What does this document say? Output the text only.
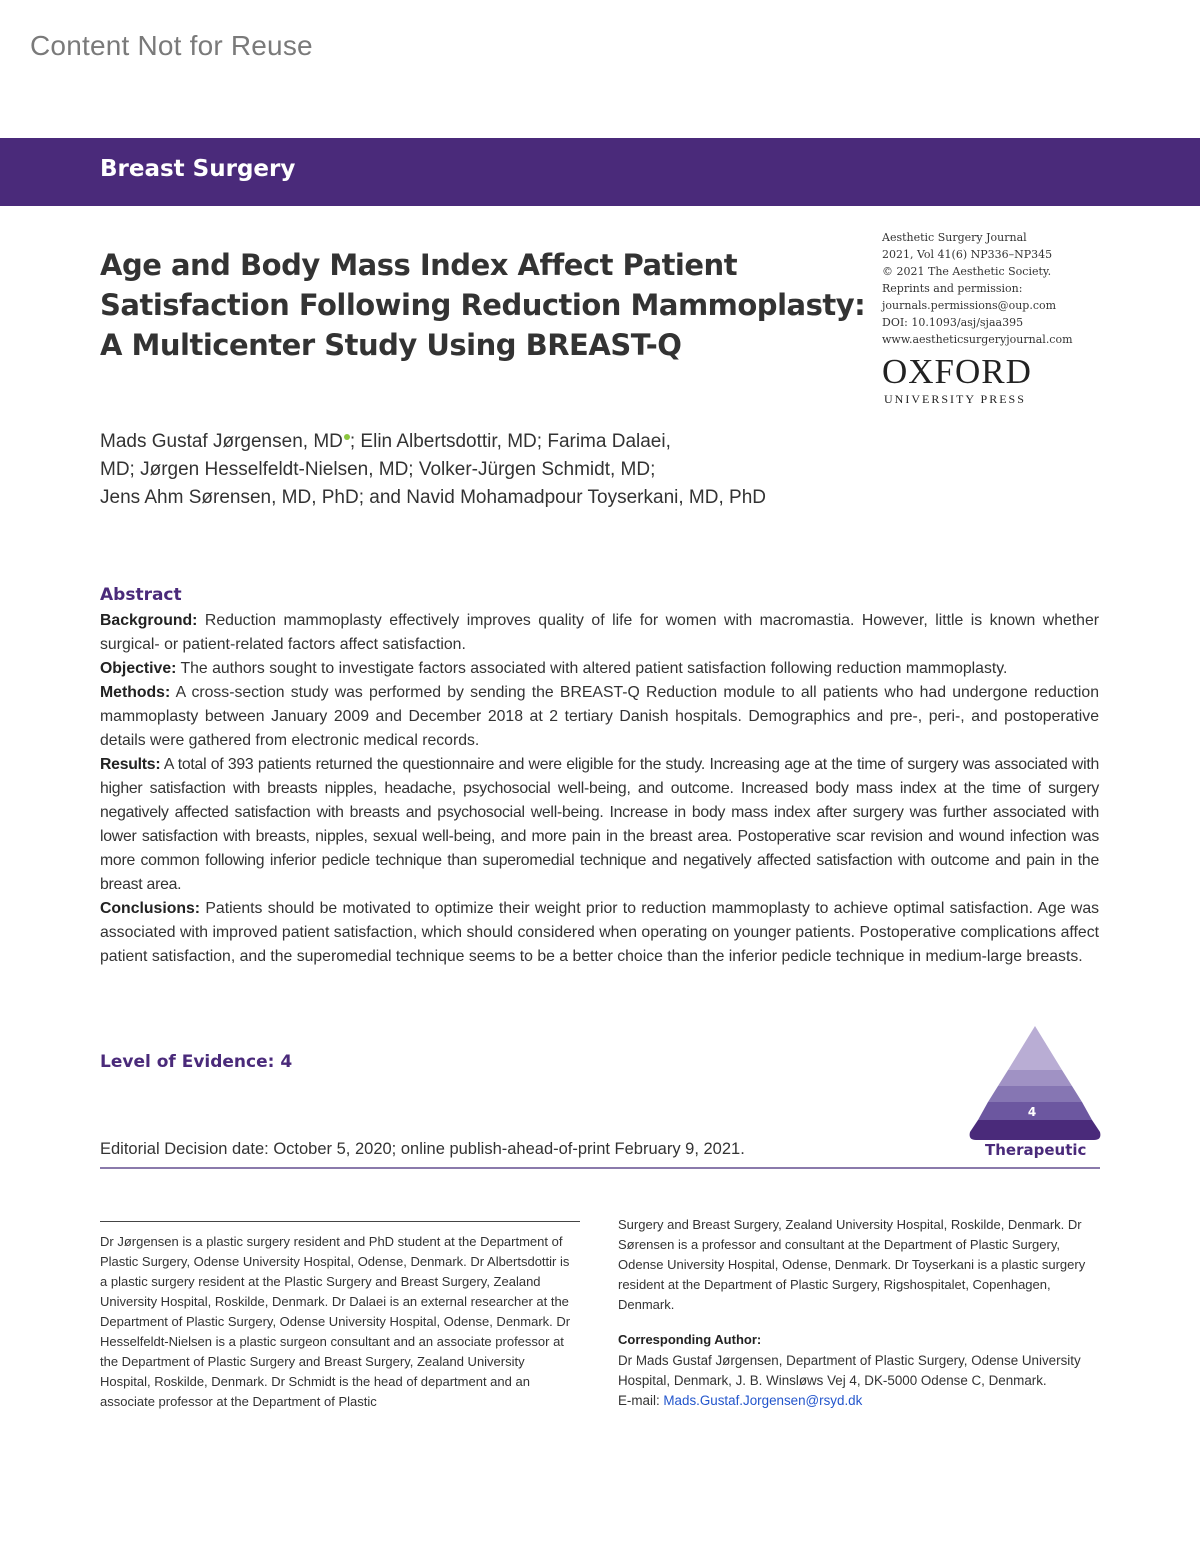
Content Not for Reuse
Breast Surgery
Age and Body Mass Index Affect Patient
Satisfaction Following Reduction Mammoplasty:
A Multicenter Study Using BREAST-Q
Aesthetic Surgery Journal
2021, Vol 41(6) NP336–NP345
© 2021 The Aesthetic Society.
Reprints and permission:
journals.permissions@oup.com
DOI: 10.1093/asj/sjaa395
www.aestheticsurgeryjournal.com
OXFORD
UNIVERSITY PRESS
Mads Gustaf Jørgensen, MD ; Elin Albertsdottir, MD; Farima Dalaei,
MD; Jørgen Hesselfeldt-Nielsen, MD; Volker-Jürgen Schmidt, MD;
Jens Ahm Sørensen, MD, PhD; and Navid Mohamadpour Toyserkani, MD, PhD
Abstract

Background: Reduction mammoplasty effectively improves quality of life for women with macromastia. However, little is known whether surgical- or patient-related factors affect satisfaction.

Objective: The authors sought to investigate factors associated with altered patient satisfaction following reduction mammoplasty.

Methods: A cross-section study was performed by sending the BREAST-Q Reduction module to all patients who had undergone reduction mammoplasty between January 2009 and December 2018 at 2 tertiary Danish hospitals. Demographics and pre-, peri-, and postoperative details were gathered from electronic medical records.

Results: A total of 393 patients returned the questionnaire and were eligible for the study. Increasing age at the time of surgery was associated with higher satisfaction with breasts nipples, headache, psychosocial well-being, and outcome. Increased body mass index at the time of surgery negatively affected satisfaction with breasts and psychosocial well-being. Increase in body mass index after surgery was further associated with lower satisfaction with breasts, nipples, sexual well-being, and more pain in the breast area. Postoperative scar revision and wound infection was more common following inferior pedicle technique than superomedial technique and negatively affected satisfaction with outcome and pain in the breast area.

Conclusions: Patients should be motivated to optimize their weight prior to reduction mammoplasty to achieve optimal satisfaction. Age was associated with improved patient satisfaction, which should considered when operating on younger patients. Postoperative complications affect patient satisfaction, and the superomedial technique seems to be a better choice than the inferior pedicle technique in medium-large breasts.

Level of Evidence: 4
4
Therapeutic
Editorial Decision date: October 5, 2020; online publish-ahead-of-print February 9, 2021.
Dr Jørgensen is a plastic surgery resident and PhD student at the Department of Plastic Surgery, Odense University Hospital, Odense, Denmark. Dr Albertsdottir is a plastic surgery resident at the Plastic Surgery and Breast Surgery, Zealand University Hospital, Roskilde, Denmark. Dr Dalaei is an external researcher at the Department of Plastic Surgery, Odense University Hospital, Odense, Denmark. Dr Hesselfeldt-Nielsen is a plastic surgeon consultant and an associate professor at the Department of Plastic Surgery and Breast Surgery, Zealand University Hospital, Roskilde, Denmark. Dr Schmidt is the head of department and an associate professor at the Department of Plastic
Surgery and Breast Surgery, Zealand University Hospital, Roskilde, Denmark. Dr Sørensen is a professor and consultant at the Department of Plastic Surgery, Odense University Hospital, Odense, Denmark. Dr Toyserkani is a plastic surgery resident at the Department of Plastic Surgery, Rigshospitalet, Copenhagen, Denmark.
Corresponding Author:
Dr Mads Gustaf Jørgensen, Department of Plastic Surgery, Odense University Hospital, Denmark, J. B. Winsløws Vej 4, DK-5000 Odense C, Denmark.
E-mail: Mads.Gustaf.Jorgensen@rsyd.dk
